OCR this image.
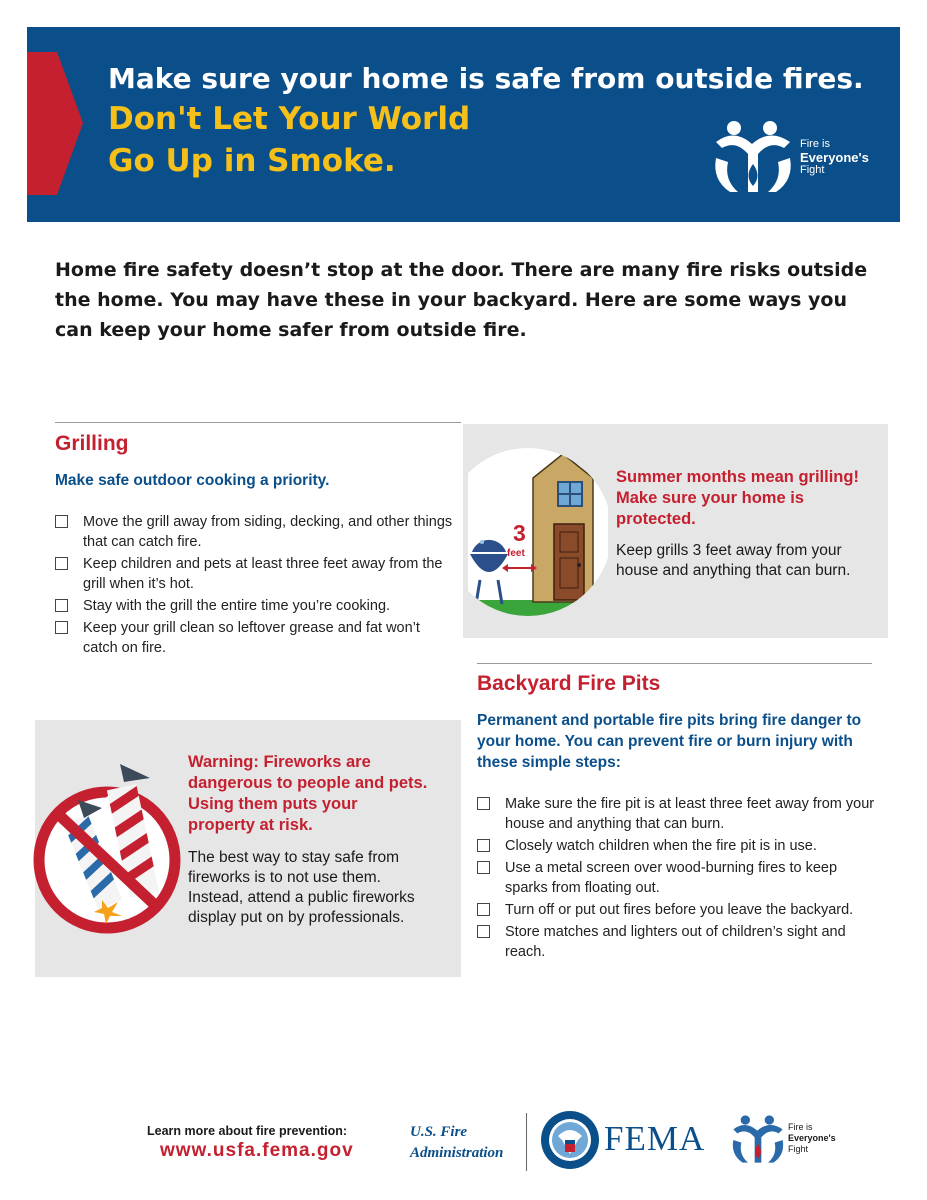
Make sure your home is safe from outside fires.
Don't Let Your World
Go Up in Smoke.	Fire is
Everyone's
Fight
Home fire safety doesn’t stop at the door. There are many fire risks outside the home. You may have these in your backyard. Here are some ways you can keep your home safer from outside fire.
Grilling
Make safe outdoor cooking a priority.
Move the grill away from siding, decking, and other things that can catch fire.
Keep children and pets at least three feet away from the grill when it’s hot.
Stay with the grill the entire time you’re cooking.
Keep your grill clean so leftover grease and fat won’t catch on fire.
3
feet
Summer months mean grilling! Make sure your home is protected.
Keep grills 3 feet away from your house and anything that can burn.
Warning: Fireworks are dangerous to people and pets. Using them puts your property at risk.
The best way to stay safe from fireworks is to not use them. Instead, attend a public fireworks display put on by professionals.
Backyard Fire Pits
Permanent and portable fire pits bring fire danger to your home. You can prevent fire or burn injury with these simple steps:
Make sure the fire pit is at least three feet away from your house and anything that can burn.
Closely watch children when the fire pit is in use.
Use a metal screen over wood-burning fires to keep sparks from floating out.
Turn off or put out fires before you leave the backyard.
Store matches and lighters out of children’s sight and reach.
Learn more about fire prevention:
www.usfa.fema.gov
U.S. Fire
Administration	FEMA	Fire is
Everyone's
Fight
